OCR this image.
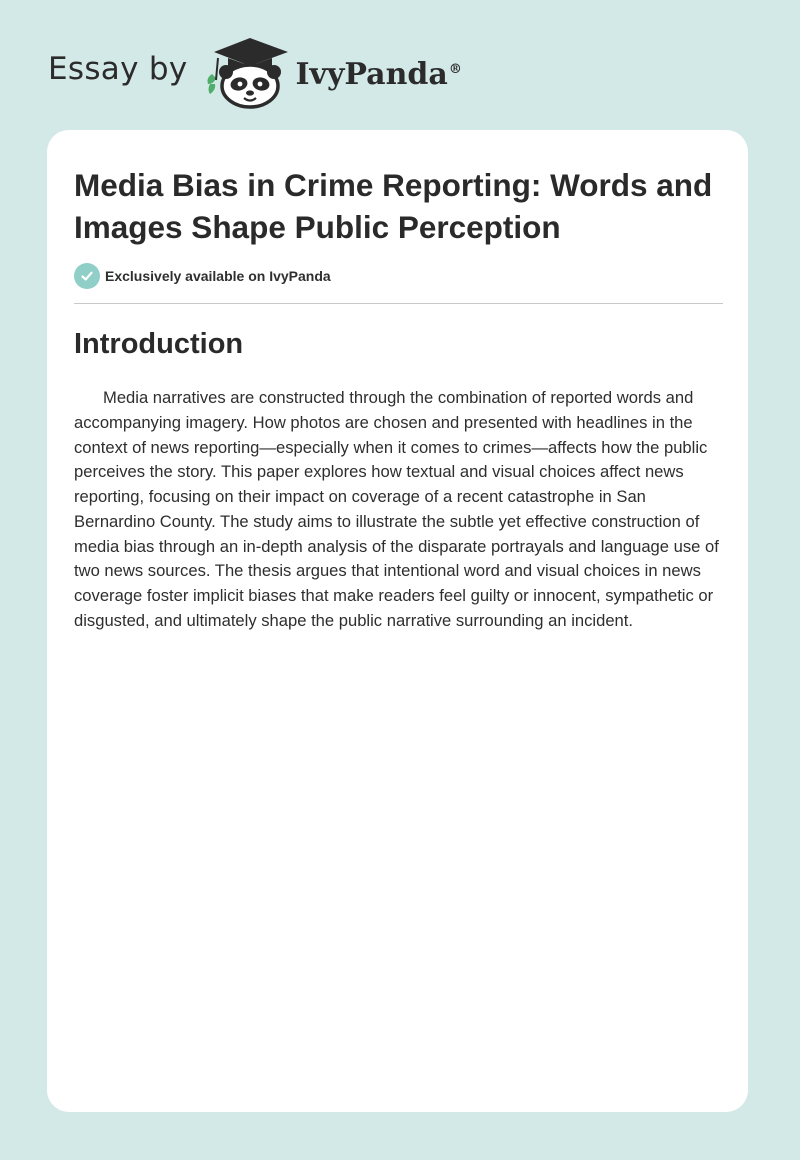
Essay by	IvyPanda®
Media Bias in Crime Reporting: Words and Images Shape Public Perception
Exclusively available on IvyPanda
Introduction

Media narratives are constructed through the combination of reported words and accompanying imagery. How photos are chosen and presented with headlines in the context of news reporting—especially when it comes to crimes—affects how the public perceives the story. This paper explores how textual and visual choices affect news reporting, focusing on their impact on coverage of a recent catastrophe in San Bernardino County. The study aims to illustrate the subtle yet effective construction of media bias through an in-depth analysis of the disparate portrayals and language use of two news sources. The thesis argues that intentional word and visual choices in news coverage foster implicit biases that make readers feel guilty or innocent, sympathetic or disgusted, and ultimately shape the public narrative surrounding an incident.
